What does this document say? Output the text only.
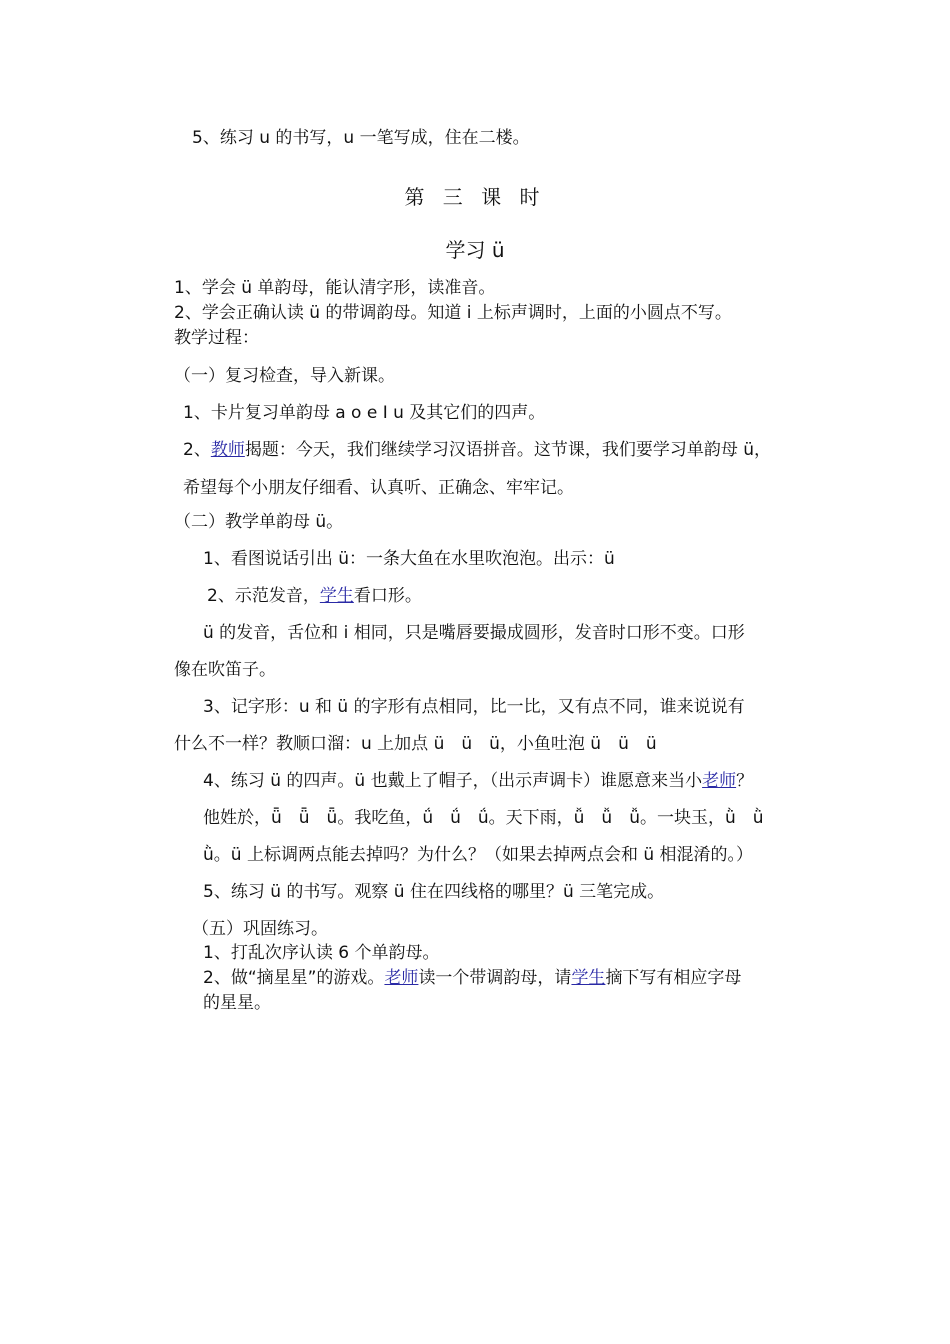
5、练习 u 的书写，u 一笔写成，住在二楼。
第 三 课 时
学习 ü
1、学会 ü 单韵母，能认清字形，读准音。
2、学会正确认读 ü 的带调韵母。知道 i 上标声调时，上面的小圆点不写。
教学过程：
（一）复习检查，导入新课。
1、卡片复习单韵母 a o e I u 及其它们的四声。
2、教师揭题：今天，我们继续学习汉语拼音。这节课，我们要学习单韵母 ü，
希望每个小朋友仔细看、认真听、正确念、牢牢记。
（二）教学单韵母 ü。
1、看图说话引出 ü：一条大鱼在水里吹泡泡。出示：ü
2、示范发音，学生看口形。
ü 的发音，舌位和 i 相同，只是嘴唇要撮成圆形，发音时口形不变。口形
像在吹笛子。
3、记字形：u 和 ü 的字形有点相同，比一比，又有点不同，谁来说说有
什么不一样？教顺口溜：u 上加点 ü　ü　ü，小鱼吐泡 ü　ü　ü
4、练习 ü 的四声。ü 也戴上了帽子，（出示声调卡）谁愿意来当小老师？
他姓於，ǖ　ǖ　ǖ。我吃鱼，ǘ　ǘ　ǘ。天下雨，ǚ　ǚ　ǚ。一块玉，ǜ　ǜ
ǜ。ü 上标调两点能去掉吗？为什么？（如果去掉两点会和 ü 相混淆的。）
5、练习 ü 的书写。观察 ü 住在四线格的哪里？ü 三笔完成。
（五）巩固练习。
1、打乱次序认读 6 个单韵母。
2、做“摘星星”的游戏。老师读一个带调韵母，请学生摘下写有相应字母
的星星。
